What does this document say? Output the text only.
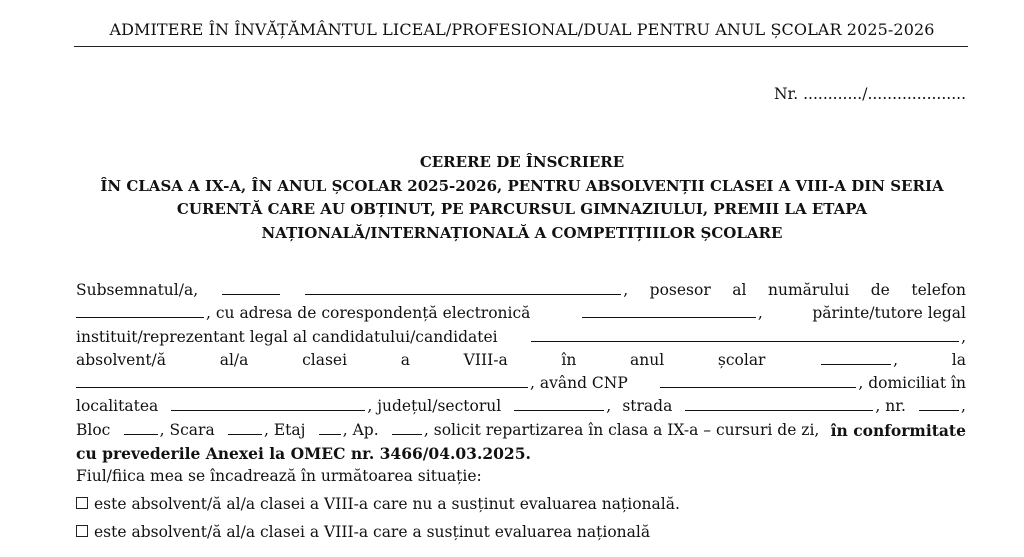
ADMITERE ÎN ÎNVĂȚĂMÂNTUL LICEAL/PROFESIONAL/DUAL PENTRU ANUL ȘCOLAR 2025-2026
Nr. ............/....................
CERERE DE ÎNSCRIERE
ÎN CLASA A IX-A, ÎN ANUL ȘCOLAR 2025-2026, PENTRU ABSOLVENȚII CLASEI A VIII-A DIN SERIA
CURENTĂ CARE AU OBȚINUT, PE PARCURSUL GIMNAZIULUI, PREMII LA ETAPA
NAȚIONALĂ/INTERNAȚIONALĂ A COMPETIȚIILOR ȘCOLARE
Subsemnatul/a,	, posesor al numărului de telefon
, cu adresa de corespondență electronică	,	părinte/tutore legal
instituit/reprezentant legal al candidatului/candidatei	,
absolvent/ă	al/a	clasei	a	VIII-a	în	anul	școlar	,	la
, având CNP	, domiciliat în
localitatea	, județul/sectorul	, strada	, nr.	,
Bloc	, Scara	, Etaj	, Ap.	, solicit repartizarea în clasa a IX-a – cursuri de zi, în conformitate
cu prevederile Anexei la OMEC nr. 3466/04.03.2025.
Fiul/fiica mea se încadrează în următoarea situație:
este absolvent/ă al/a clasei a VIII-a care nu a susținut evaluarea națională.
este absolvent/ă al/a clasei a VIII-a care a susținut evaluarea națională
